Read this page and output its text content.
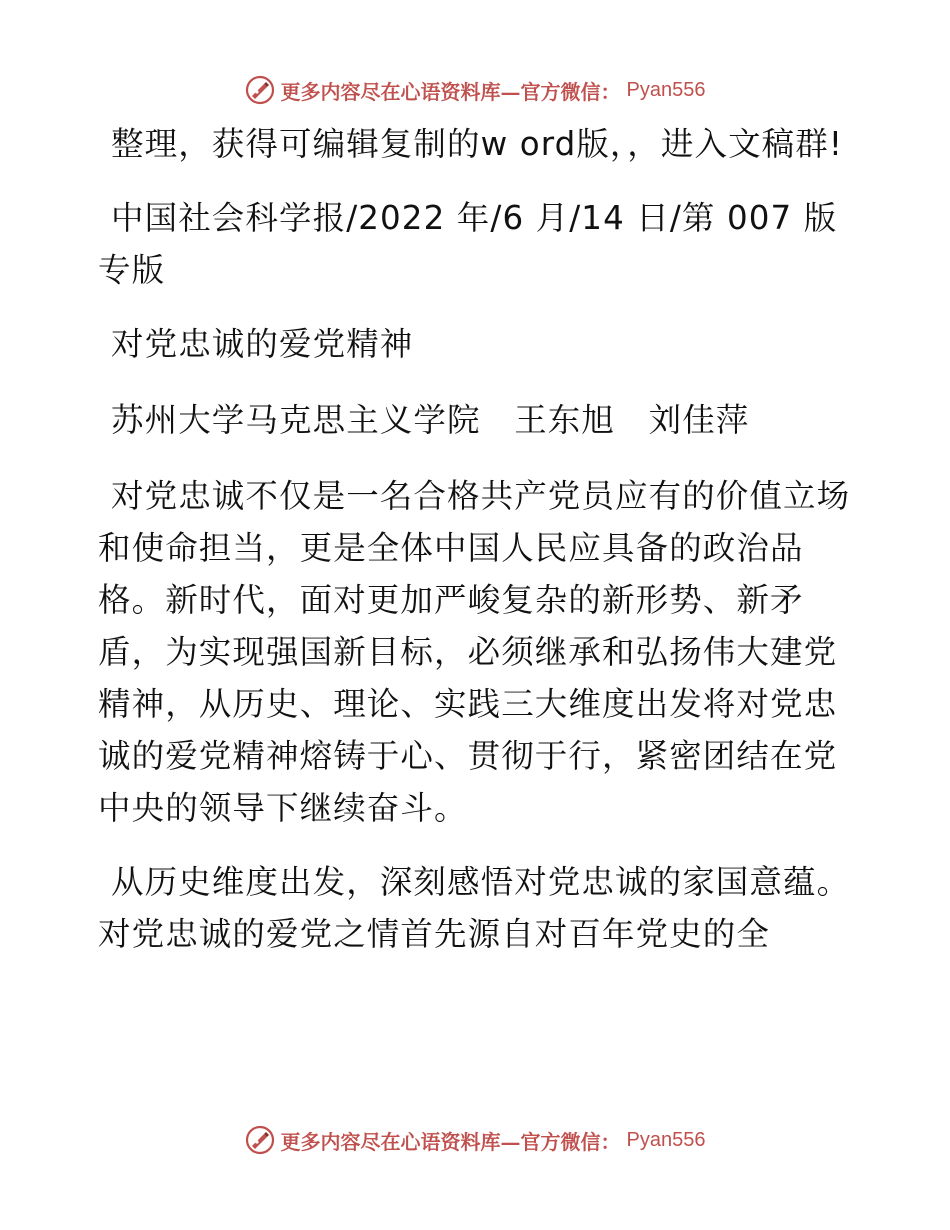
更多内容尽在心语资料库—官方微信： Pyan556

整理，获得可编辑复制的w ord版，，进入文稿群!

中国社会科学报/2022 年/6 月/14 日/第 007 版 专版

对党忠诚的爱党精神

苏州大学马克思主义学院　王东旭　刘佳萍

对党忠诚不仅是一名合格共产党员应有的价值立场和使命担当，更是全体中国人民应具备的政治品格。新时代，面对更加严峻复杂的新形势、新矛盾，为实现强国新目标，必须继承和弘扬伟大建党精神，从历史、理论、实践三大维度出发将对党忠诚的爱党精神熔铸于心、贯彻于行，紧密团结在党中央的领导下继续奋斗。

从历史维度出发，深刻感悟对党忠诚的家国意蕴。对党忠诚的爱党之情首先源自对百年党史的全

更多内容尽在心语资料库—官方微信： Pyan556
